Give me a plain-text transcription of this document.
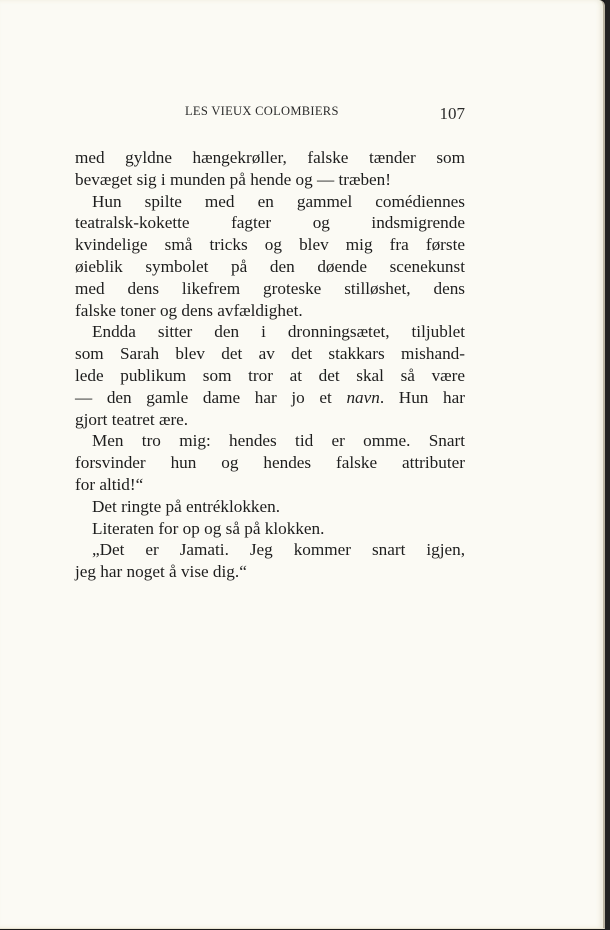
LES VIEUX COLOMBIERS	107
med gyldne hængekrøller, falske tænder som
bevæget sig i munden på hende og — træben!
Hun spilte med en gammel comédiennes
teatralsk-kokette fagter og indsmigrende
kvindelige små tricks og blev mig fra første
øieblik symbolet på den døende scenekunst
med dens likefrem groteske stilløshet, dens
falske toner og dens avfældighet.
Endda sitter den i dronningsætet, tiljublet
som Sarah blev det av det stakkars mishand-
lede publikum som tror at det skal så være
— den gamle dame har jo et navn. Hun har
gjort teatret ære.
Men tro mig: hendes tid er omme. Snart
forsvinder hun og hendes falske attributer
for altid!“
Det ringte på entréklokken.
Literaten for op og så på klokken.
„Det er Jamati. Jeg kommer snart igjen,
jeg har noget å vise dig.“
